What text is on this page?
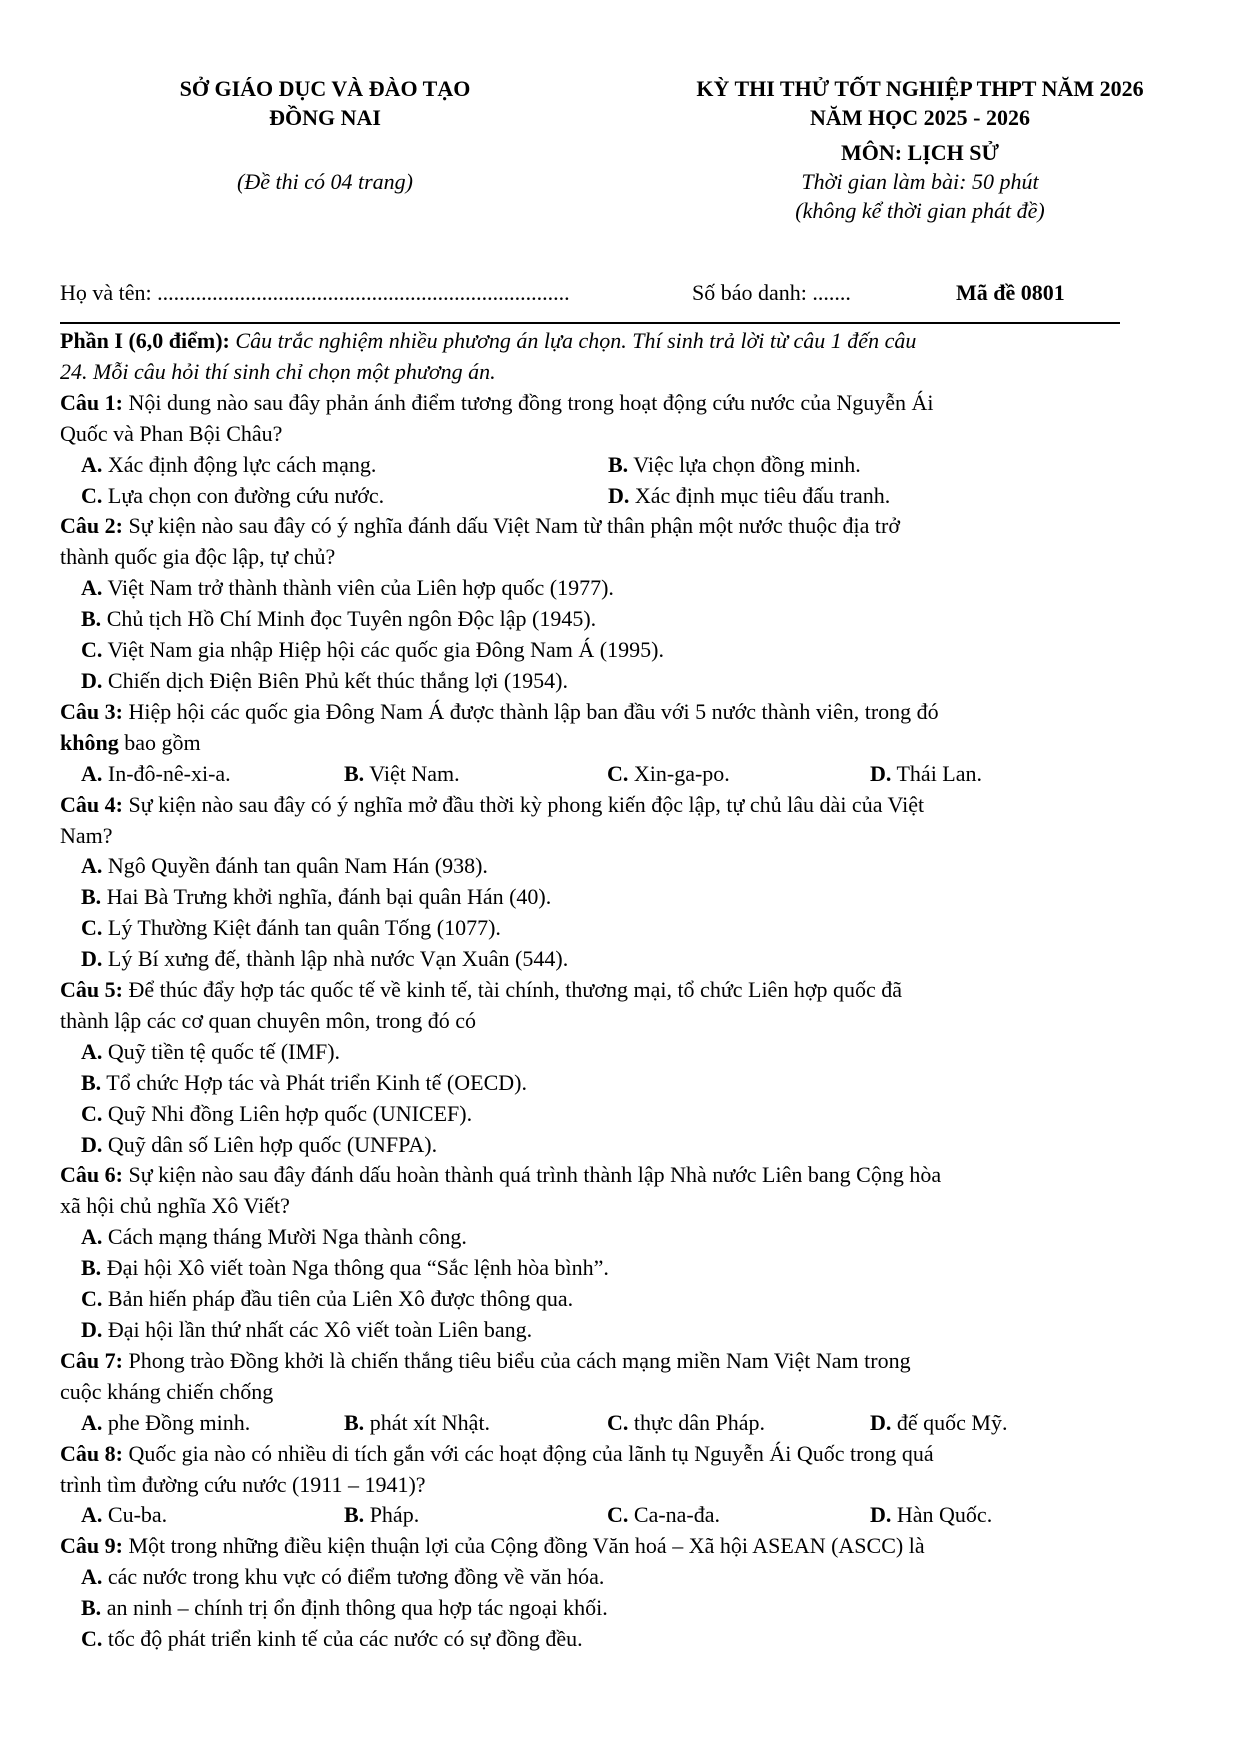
SỞ GIÁO DỤC VÀ ĐÀO TẠO
ĐỒNG NAI
(Đề thi có 04 trang)
KỲ THI THỬ TỐT NGHIỆP THPT NĂM 2026
NĂM HỌC 2025 - 2026
MÔN: LỊCH SỬ
Thời gian làm bài: 50 phút
(không kể thời gian phát đề)
Họ và tên: ...........................................................................	Số báo danh: .......	Mã đề 0801

Phần I (6,0 điểm): Câu trắc nghiệm nhiều phương án lựa chọn. Thí sinh trả lời từ câu 1 đến câu

24. Mỗi câu hỏi thí sinh chỉ chọn một phương án.

Câu 1: Nội dung nào sau đây phản ánh điểm tương đồng trong hoạt động cứu nước của Nguyễn Ái

Quốc và Phan Bội Châu?

A. Xác định động lực cách mạng.	B. Việc lựa chọn đồng minh.
C. Lựa chọn con đường cứu nước.	D. Xác định mục tiêu đấu tranh.

Câu 2: Sự kiện nào sau đây có ý nghĩa đánh dấu Việt Nam từ thân phận một nước thuộc địa trở

thành quốc gia độc lập, tự chủ?

A. Việt Nam trở thành thành viên của Liên hợp quốc (1977).

B. Chủ tịch Hồ Chí Minh đọc Tuyên ngôn Độc lập (1945).

C. Việt Nam gia nhập Hiệp hội các quốc gia Đông Nam Á (1995).

D. Chiến dịch Điện Biên Phủ kết thúc thắng lợi (1954).

Câu 3: Hiệp hội các quốc gia Đông Nam Á được thành lập ban đầu với 5 nước thành viên, trong đó

không bao gồm

A. In-đô-nê-xi-a.	B. Việt Nam.	C. Xin-ga-po.	D. Thái Lan.

Câu 4: Sự kiện nào sau đây có ý nghĩa mở đầu thời kỳ phong kiến độc lập, tự chủ lâu dài của Việt

Nam?

A. Ngô Quyền đánh tan quân Nam Hán (938).

B. Hai Bà Trưng khởi nghĩa, đánh bại quân Hán (40).

C. Lý Thường Kiệt đánh tan quân Tống (1077).

D. Lý Bí xưng đế, thành lập nhà nước Vạn Xuân (544).

Câu 5: Để thúc đẩy hợp tác quốc tế về kinh tế, tài chính, thương mại, tổ chức Liên hợp quốc đã

thành lập các cơ quan chuyên môn, trong đó có

A. Quỹ tiền tệ quốc tế (IMF).

B. Tổ chức Hợp tác và Phát triển Kinh tế (OECD).

C. Quỹ Nhi đồng Liên hợp quốc (UNICEF).

D. Quỹ dân số Liên hợp quốc (UNFPA).

Câu 6: Sự kiện nào sau đây đánh dấu hoàn thành quá trình thành lập Nhà nước Liên bang Cộng hòa

xã hội chủ nghĩa Xô Viết?

A. Cách mạng tháng Mười Nga thành công.

B. Đại hội Xô viết toàn Nga thông qua “Sắc lệnh hòa bình”.

C. Bản hiến pháp đầu tiên của Liên Xô được thông qua.

D. Đại hội lần thứ nhất các Xô viết toàn Liên bang.

Câu 7: Phong trào Đồng khởi là chiến thắng tiêu biểu của cách mạng miền Nam Việt Nam trong

cuộc kháng chiến chống

A. phe Đồng minh.	B. phát xít Nhật.	C. thực dân Pháp.	D. đế quốc Mỹ.

Câu 8: Quốc gia nào có nhiều di tích gắn với các hoạt động của lãnh tụ Nguyễn Ái Quốc trong quá

trình tìm đường cứu nước (1911 – 1941)?

A. Cu-ba.	B. Pháp.	C. Ca-na-đa.	D. Hàn Quốc.

Câu 9: Một trong những điều kiện thuận lợi của Cộng đồng Văn hoá – Xã hội ASEAN (ASCC) là

A. các nước trong khu vực có điểm tương đồng về văn hóa.

B. an ninh – chính trị ổn định thông qua hợp tác ngoại khối.

C. tốc độ phát triển kinh tế của các nước có sự đồng đều.
